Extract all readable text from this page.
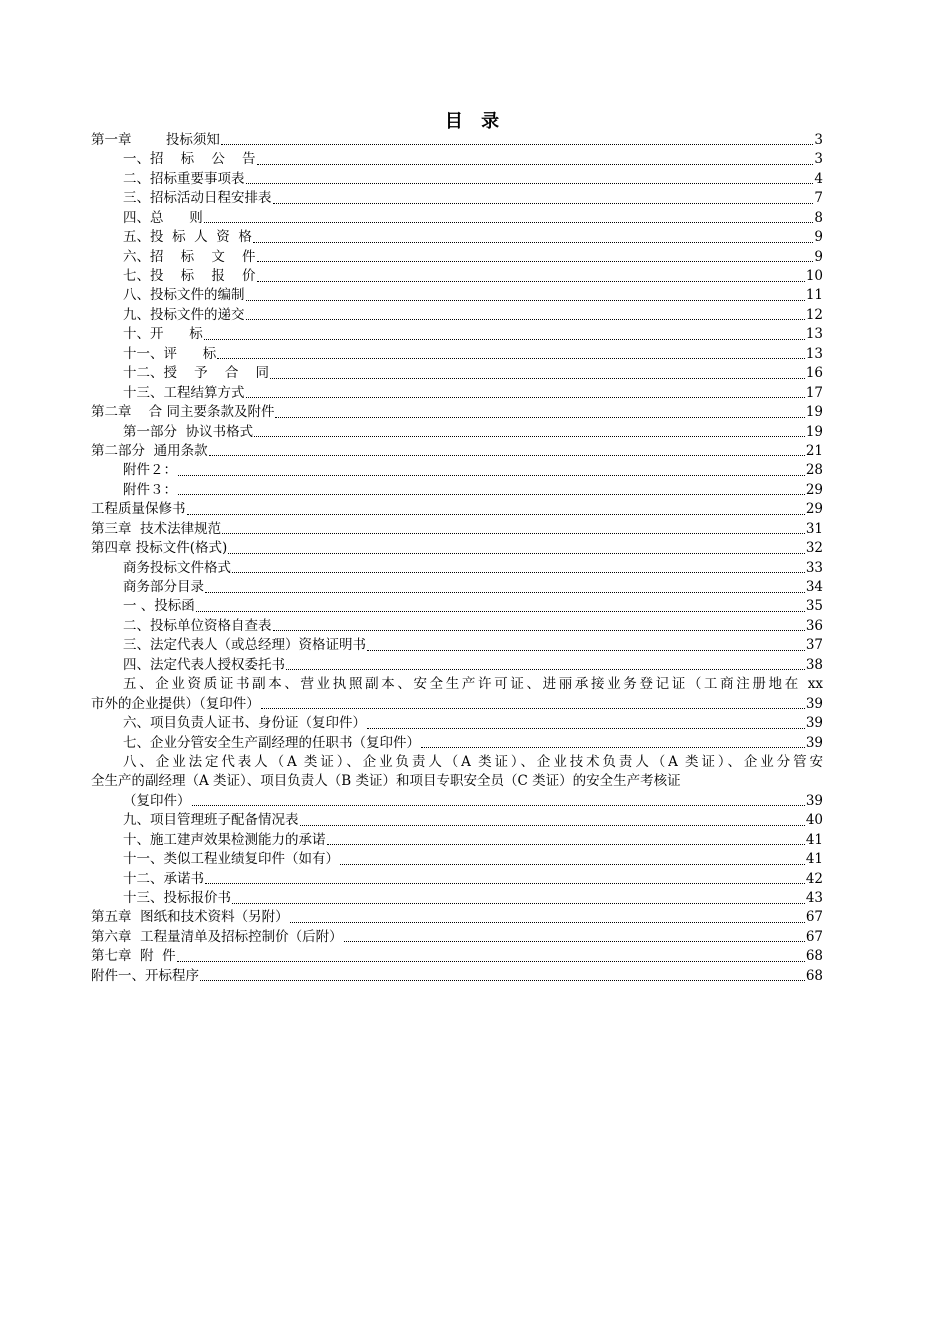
目 录
第一章        投标须知	3
一、招    标    公    告	3
二、招标重要事项表	4
三、招标活动日程安排表	7
四、总      则	8
五、投  标  人  资  格	9
六、招    标    文    件	9
七、投    标    报    价	10
八、投标文件的编制	11
九、投标文件的递交	12
十、开      标	13
十一、评      标	13
十二、授    予    合    同	16
十三、工程结算方式	17
第二章    合 同主要条款及附件	19
第一部分  协议书格式	19
第二部分  通用条款	21
附件２：	28
附件３：	29
工程质量保修书	29
第三章  技术法律规范	31
第四章 投标文件(格式)	32
商务投标文件格式	33
商务部分目录	34
一 、投标函	35
二、投标单位资格自查表	36
三、法定代表人（或总经理）资格证明书	37
四、法定代表人授权委托书	38
五、企业资质证书副本、营业执照副本、安全生产许可证、进丽承接业务登记证（工商注册地在 xx
市外的企业提供）（复印件）	39
六、项目负责人证书、身份证（复印件）	39
七、企业分管安全生产副经理的任职书（复印件）	39
八、企业法定代表人（A 类证）、企业负责人（A 类证）、企业技术负责人（A 类证）、企业分管安
全生产的副经理（A 类证）、项目负责人（B 类证）和项目专职安全员（C 类证）的安全生产考核证
（复印件）	39
九、项目管理班子配备情况表	40
十、施工建声效果检测能力的承诺	41
十一、类似工程业绩复印件（如有）	41
十二、承诺书	42
十三、投标报价书	43
第五章  图纸和技术资料（另附）	67
第六章  工程量清单及招标控制价（后附）	67
第七章  附  件	68
附件一、开标程序	68
